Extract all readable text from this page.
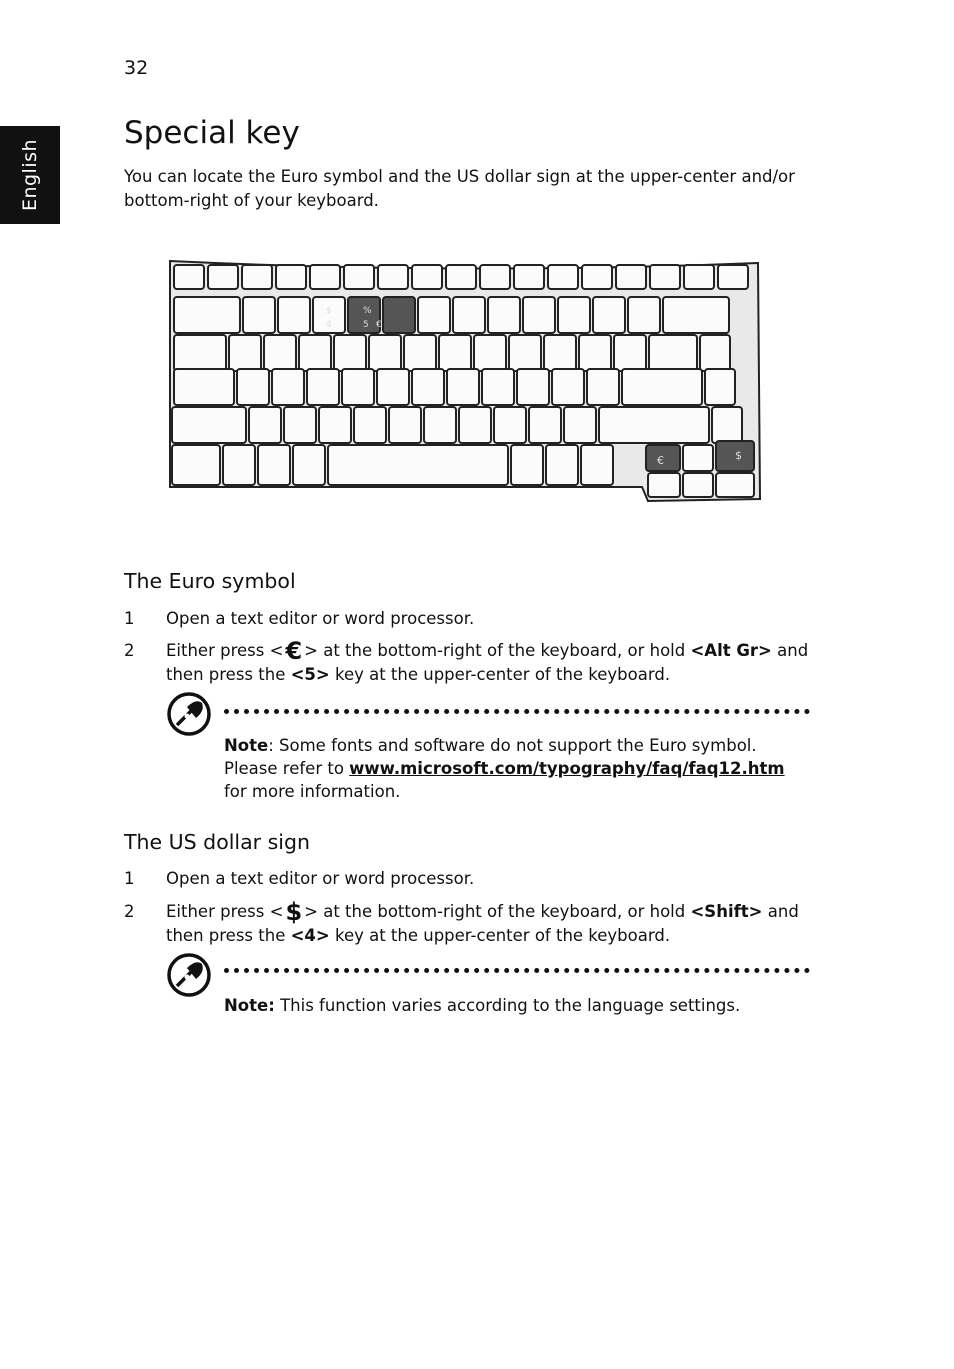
32
English
Special key

You can locate the Euro symbol and the US dollar sign at the upper-center and/or bottom-right of your keyboard.

$
4
%
5 €
€	$
The Euro symbol
1	Open a text editor or word processor.
2	Either press <€ > at the bottom-right of the keyboard, or hold <Alt Gr> and then press the <5> key at the upper-center of the keyboard.

Note: Some fonts and software do not support the Euro symbol. Please refer to www.microsoft.com/typography/faq/faq12.htm for more information.

The US dollar sign
1	Open a text editor or word processor.
2	Either press <$ > at the bottom-right of the keyboard, or hold <Shift> and then press the <4> key at the upper-center of the keyboard.

Note: This function varies according to the language settings.
